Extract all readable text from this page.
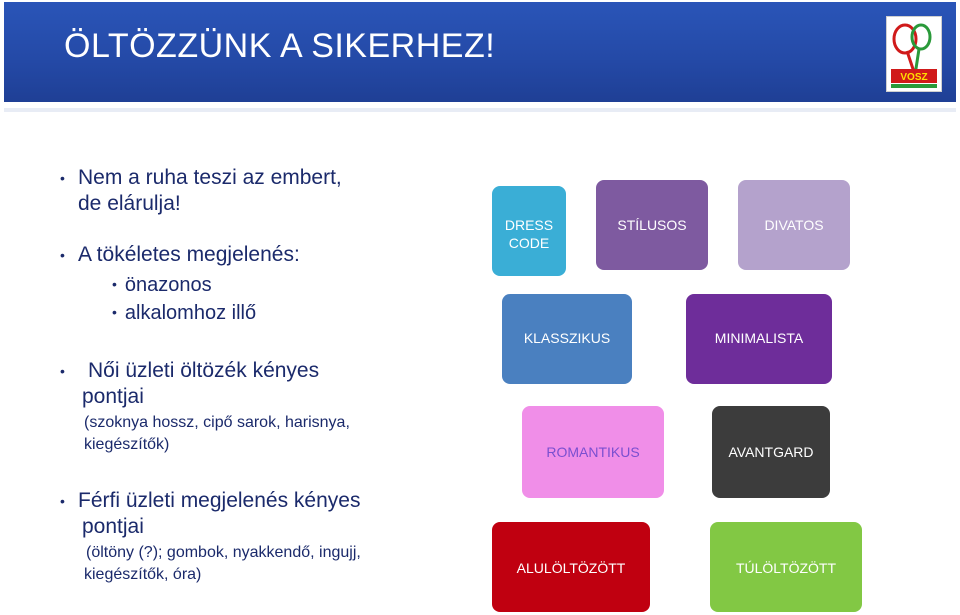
ÖLTÖZZÜNK A SIKERHEZ!
VOSZ
• Nem a ruha teszi az embert,
de elárulja!
• A tökéletes megjelenés:
• önazonos
• alkalomhoz illő
•	Női üzleti öltözék kényes
pontjai
(szoknya hossz, cipő sarok, harisnya,
kiegészítők)
• Férfi üzleti megjelenés kényes
pontjai
(öltöny (?); gombok, nyakkendő, ingujj,
kiegészítők, óra)
DRESS CODE
STÍLUSOS	DIVATOS
KLASSZIKUS	MINIMALISTA
ROMANTIKUS	AVANTGARD
ALULÖLTÖZÖTT	TÚLÖLTÖZÖTT
